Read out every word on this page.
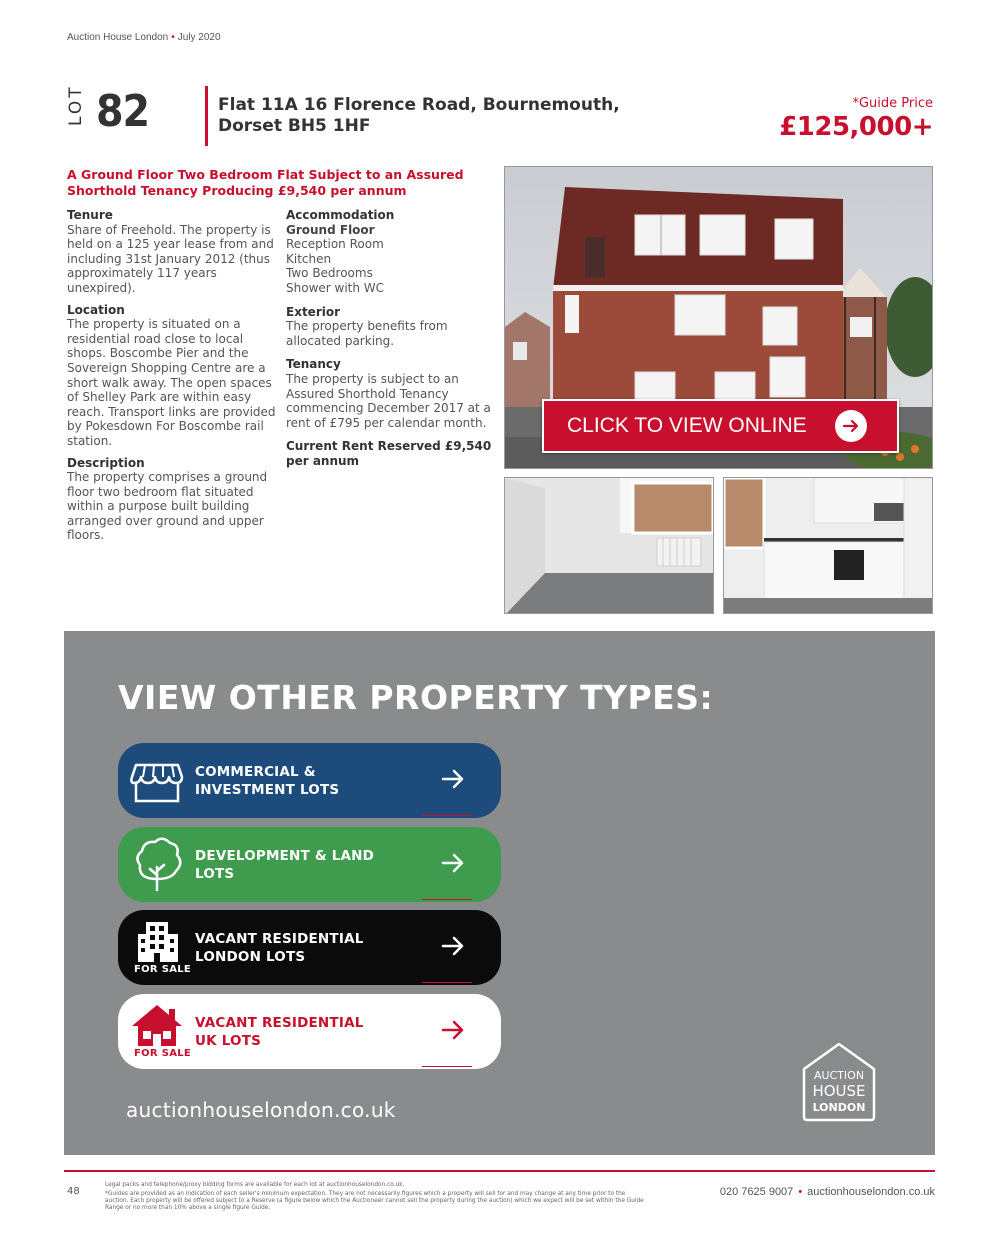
Auction House London • July 2020
LOT 82	Flat 11A 16 Florence Road, Bournemouth,
Dorset BH5 1HF
*Guide Price
£125,000+
A Ground Floor Two Bedroom Flat Subject to an Assured
Shorthold Tenancy Producing £9,540 per annum
Tenure

Share of Freehold. The property is held on a 125 year lease from and including 31st January 2012 (thus approximately 117 years unexpired).

Location

The property is situated on a residential road close to local shops. Boscombe Pier and the Sovereign Shopping Centre are a short walk away. The open spaces of Shelley Park are within easy reach. Transport links are provided by Pokesdown For Boscombe rail station.

Description

The property comprises a ground floor two bedroom flat situated within a purpose built building arranged over ground and upper floors.

Accommodation

Ground Floor

Reception Room

Kitchen

Two Bedrooms

Shower with WC

Exterior

The property benefits from allocated parking.

Tenancy

The property is subject to an Assured Shorthold Tenancy commencing December 2017 at a rent of £795 per calendar month.

Current Rent Reserved £9,540 per annum
CLICK TO VIEW ONLINE
VIEW OTHER PROPERTY TYPES:
COMMERCIAL &
INVESTMENT LOTS
DEVELOPMENT & LAND
LOTS
FOR SALE
VACANT RESIDENTIAL
LONDON LOTS
FOR SALE
VACANT RESIDENTIAL
UK LOTS
auctionhouselondon.co.uk
AUCTION
HOUSE
LONDON
48

Legal packs and telephone/proxy bidding forms are available for each lot at auctionhouselondon.co.uk.

*Guides are provided as an indication of each seller's minimum expectation. They are not necessarily figures which a property will sell for and may change at any time prior to the auction. Each property will be offered subject to a Reserve (a figure below which the Auctioneer cannot sell the property during the auction) which we expect will be set within the Guide Range or no more than 10% above a single figure Guide.

020 7625 9007 • auctionhouselondon.co.uk
